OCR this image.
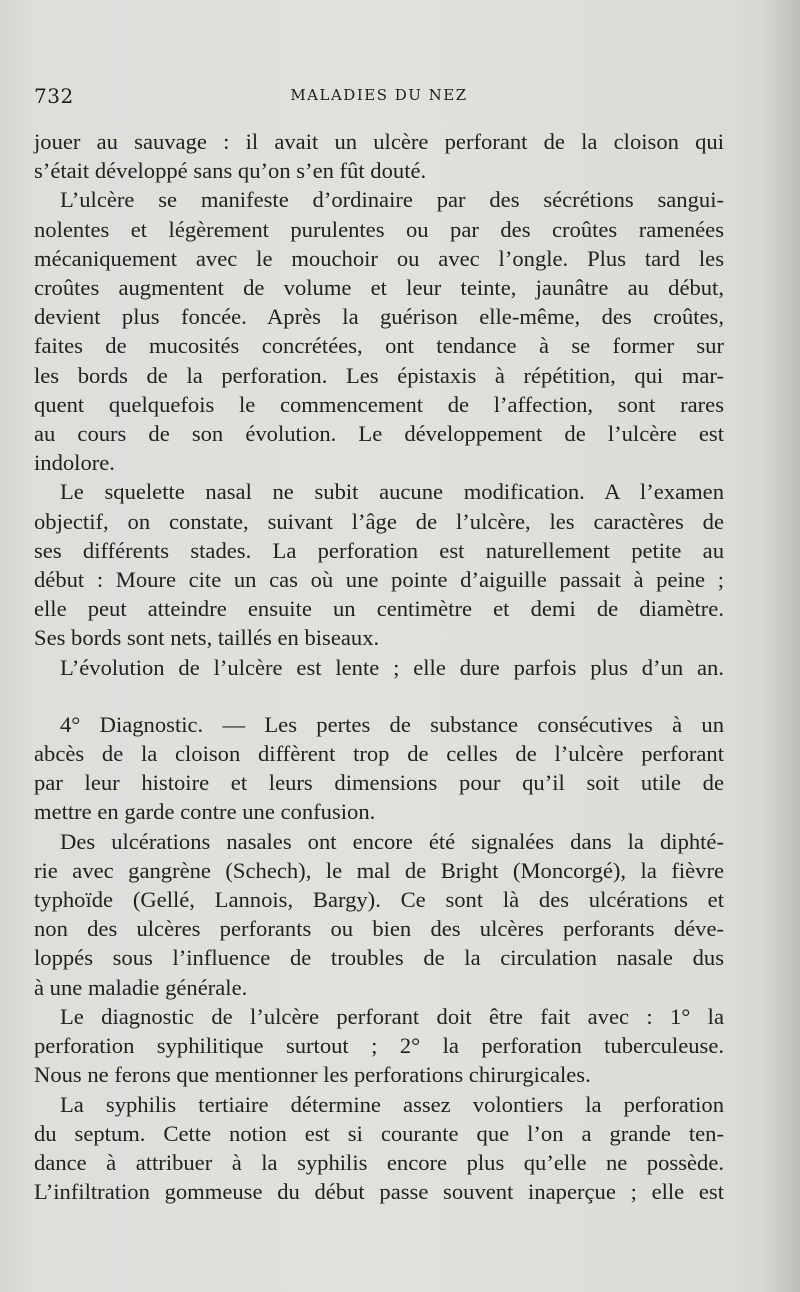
732	MALADIES DU NEZ
jouer au sauvage : il avait un ulcère perforant de la cloison qui
s’était développé sans qu’on s’en fût douté.
L’ulcère se manifeste d’ordinaire par des sécrétions sangui-
nolentes et légèrement purulentes ou par des croûtes ramenées
mécaniquement avec le mouchoir ou avec l’ongle. Plus tard les
croûtes augmentent de volume et leur teinte, jaunâtre au début,
devient plus foncée. Après la guérison elle-même, des croûtes,
faites de mucosités concrétées, ont tendance à se former sur
les bords de la perforation. Les épistaxis à répétition, qui mar-
quent quelquefois le commencement de l’affection, sont rares
au cours de son évolution. Le développement de l’ulcère est
indolore.
Le squelette nasal ne subit aucune modification. A l’examen
objectif, on constate, suivant l’âge de l’ulcère, les caractères de
ses différents stades. La perforation est naturellement petite au
début : Moure cite un cas où une pointe d’aiguille passait à peine ;
elle peut atteindre ensuite un centimètre et demi de diamètre.
Ses bords sont nets, taillés en biseaux.
L’évolution de l’ulcère est lente ; elle dure parfois plus d’un an.
4° Diagnostic. — Les pertes de substance consécutives à un
abcès de la cloison diffèrent trop de celles de l’ulcère perforant
par leur histoire et leurs dimensions pour qu’il soit utile de
mettre en garde contre une confusion.
Des ulcérations nasales ont encore été signalées dans la diphté-
rie avec gangrène (Schech), le mal de Bright (Moncorgé), la fièvre
typhoïde (Gellé, Lannois, Bargy). Ce sont là des ulcérations et
non des ulcères perforants ou bien des ulcères perforants déve-
loppés sous l’influence de troubles de la circulation nasale dus
à une maladie générale.
Le diagnostic de l’ulcère perforant doit être fait avec : 1° la
perforation syphilitique surtout ; 2° la perforation tuberculeuse.
Nous ne ferons que mentionner les perforations chirurgicales.
La syphilis tertiaire détermine assez volontiers la perforation
du septum. Cette notion est si courante que l’on a grande ten-
dance à attribuer à la syphilis encore plus qu’elle ne possède.
L’infiltration gommeuse du début passe souvent inaperçue ; elle est
